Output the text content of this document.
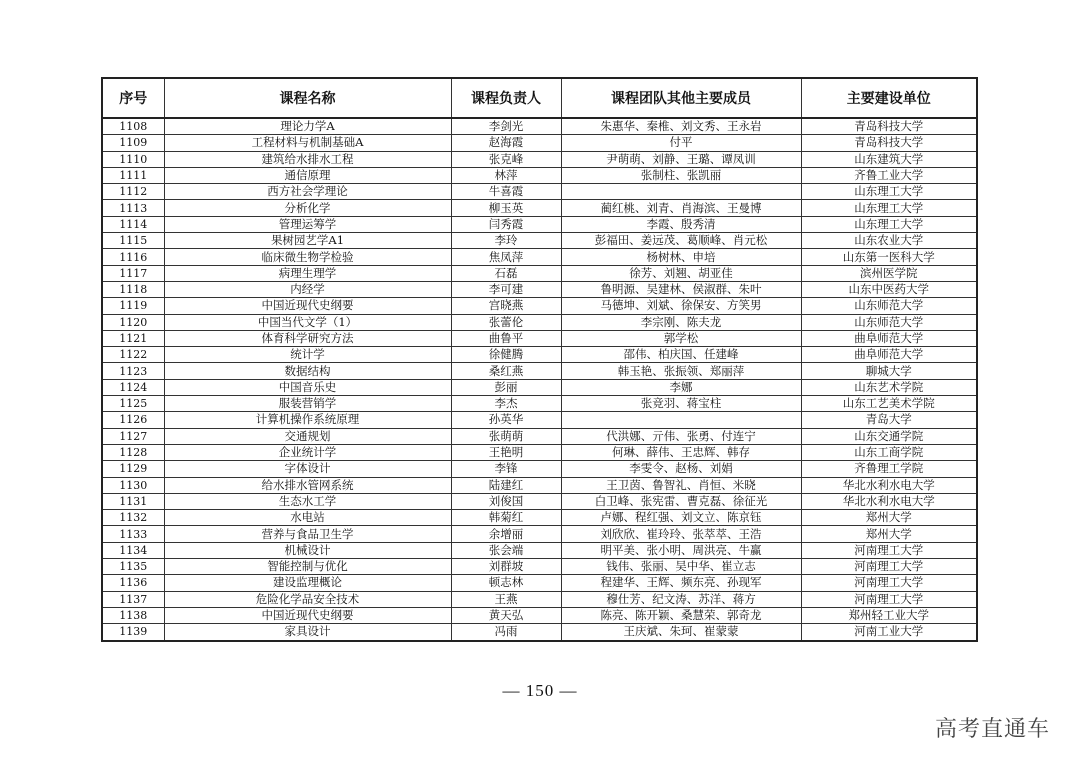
序号	课程名称	课程负责人	课程团队其他主要成员	主要建设单位
1108	理论力学A	李剑光	朱惠华、秦椎、刘文秀、王永岩	青岛科技大学
1109	工程材料与机制基础A	赵海霞	付平	青岛科技大学
1110	建筑给水排水工程	张克峰	尹萌萌、刘静、王璐、谭凤训	山东建筑大学
1111	通信原理	林萍	张制柱、张凯丽	齐鲁工业大学
1112	西方社会学理论	牛喜霞		山东理工大学
1113	分析化学	柳玉英	蔺红桃、刘青、肖海滨、王曼博	山东理工大学
1114	管理运筹学	闫秀霞	李霞、殷秀清	山东理工大学
1115	果树园艺学A1	李玲	彭福田、姜远茂、葛顺峰、肖元松	山东农业大学
1116	临床微生物学检验	焦凤萍	杨树林、申培	山东第一医科大学
1117	病理生理学	石磊	徐芳、刘翘、胡亚佳	滨州医学院
1118	内经学	李可建	鲁明源、吴建林、侯淑群、朱叶	山东中医药大学
1119	中国近现代史纲要	宫晓燕	马德坤、刘斌、徐保安、方笑男	山东师范大学
1120	中国当代文学（1）	张蕾伦	李宗刚、陈夫龙	山东师范大学
1121	体育科学研究方法	曲鲁平	郭学松	曲阜师范大学
1122	统计学	徐健腾	邵伟、柏庆国、任建峰	曲阜师范大学
1123	数据结构	桑红燕	韩玉艳、张振领、郑丽萍	聊城大学
1124	中国音乐史	彭丽	李娜	山东艺术学院
1125	服装营销学	李杰	张竞羽、蒋宝柱	山东工艺美术学院
1126	计算机操作系统原理	孙英华		青岛大学
1127	交通规划	张萌萌	代洪娜、亓伟、张勇、付连宁	山东交通学院
1128	企业统计学	王艳明	何琳、薛伟、王忠辉、韩存	山东工商学院
1129	字体设计	李锋	李雯令、赵杨、刘娟	齐鲁理工学院
1130	给水排水管网系统	陆建红	王卫茵、鲁智礼、肖恒、米晓	华北水利水电大学
1131	生态水工学	刘俊国	白卫峰、张宪雷、曹克磊、徐征光	华北水利水电大学
1132	水电站	韩菊红	卢娜、程红强、刘文立、陈京钰	郑州大学
1133	营养与食品卫生学	余增丽	刘欣欣、崔玲玲、张萃萃、王浩	郑州大学
1134	机械设计	张会端	明平美、张小明、周洪亮、牛赢	河南理工大学
1135	智能控制与优化	刘群坡	钱伟、张丽、吴中华、崔立志	河南理工大学
1136	建设监理概论	顿志林	程建华、王辉、频东亮、孙现军	河南理工大学
1137	危险化学品安全技术	王燕	穆仕芳、纪文涛、苏洋、蒋方	河南理工大学
1138	中国近现代史纲要	黄天弘	陈亮、陈开颖、桑慧荣、郭奇龙	郑州轻工业大学
1139	家具设计	冯雨	王庆斌、朱珂、崔蒙蒙	河南工业大学
— 150 —
高考直通车
